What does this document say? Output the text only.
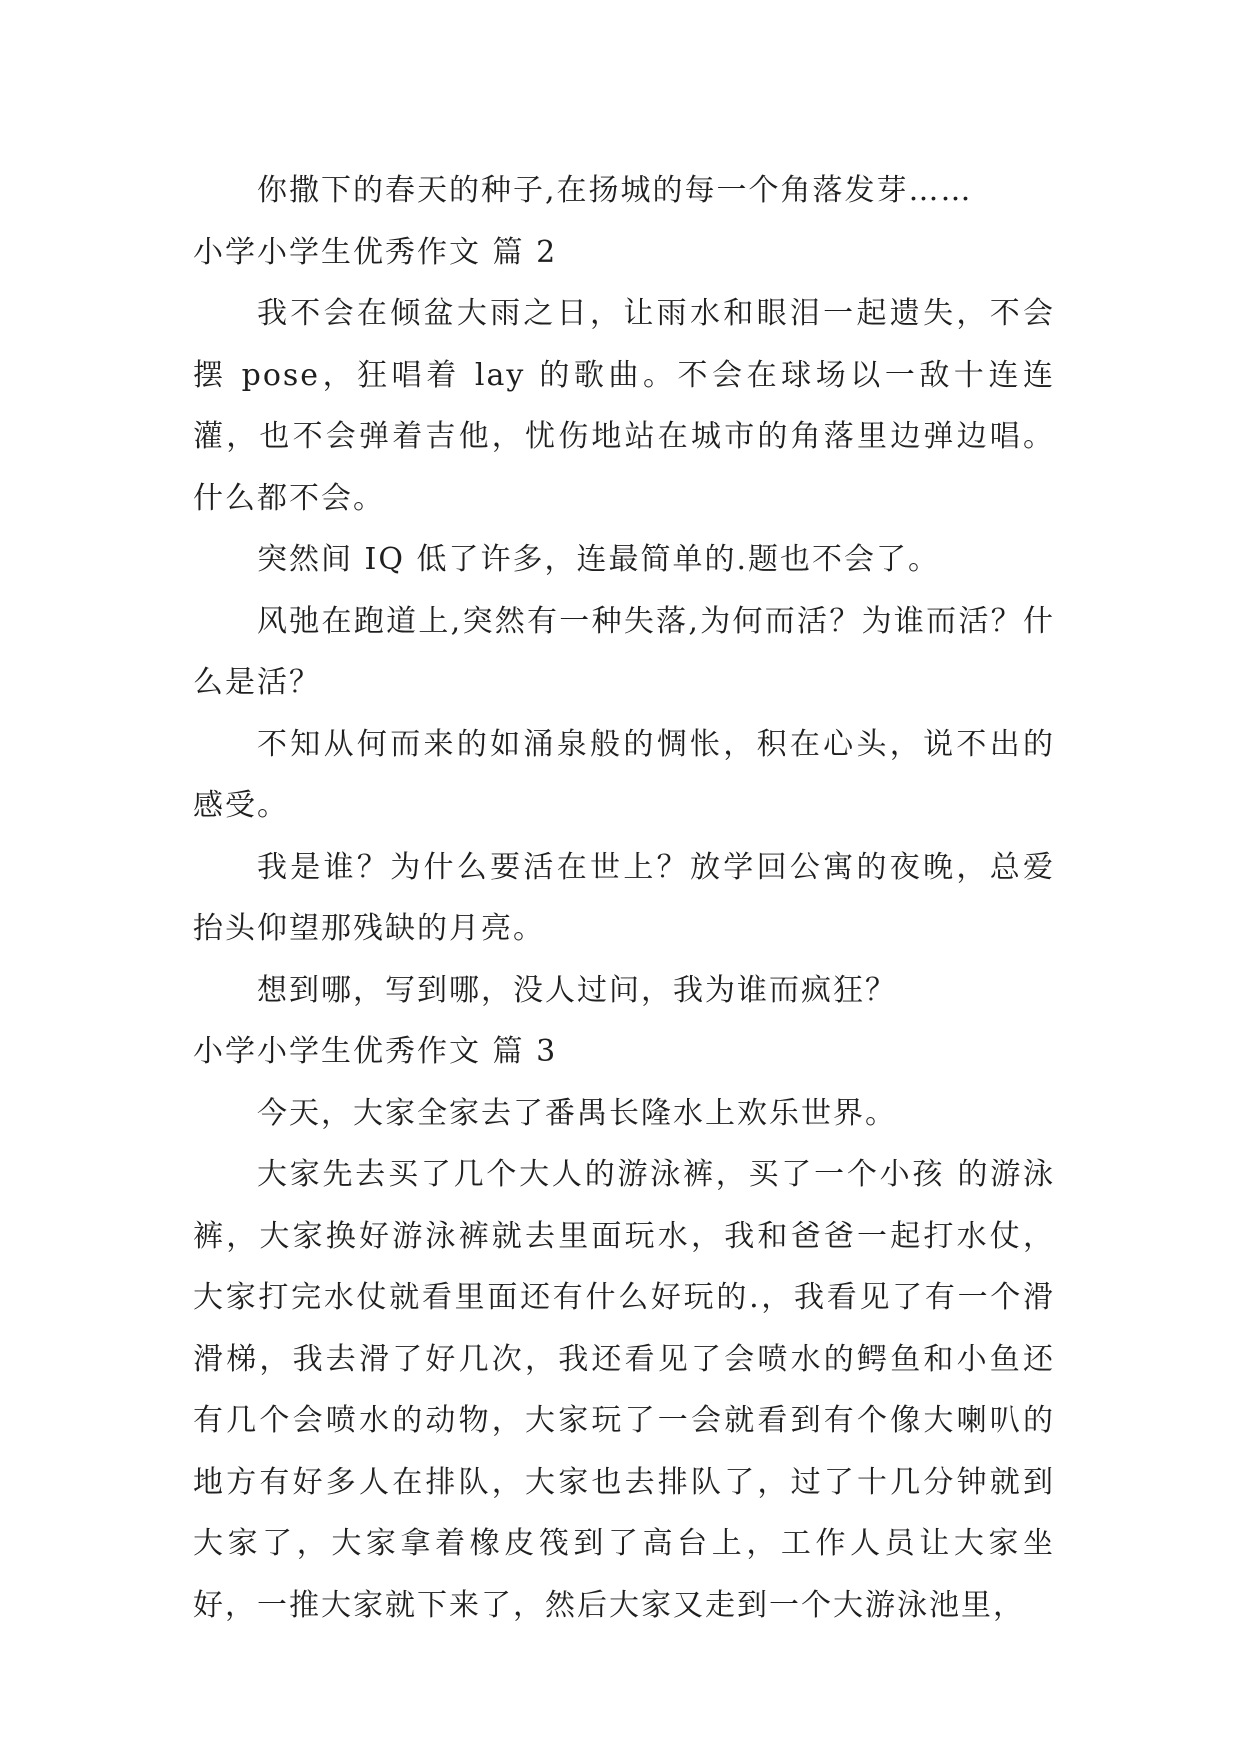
你撒下的春天的种子,在扬城的每一个角落发芽……

小学小学生优秀作文 篇 2

我不会在倾盆大雨之日，让雨水和眼泪一起遗失，不会摆 pose，狂唱着 lay 的歌曲。不会在球场以一敌十连连灌，也不会弹着吉他，忧伤地站在城市的角落里边弹边唱。什么都不会。

突然间 IQ 低了许多，连最简单的.题也不会了。

风弛在跑道上,突然有一种失落,为何而活？为谁而活？什么是活？

不知从何而来的如涌泉般的惆怅，积在心头，说不出的感受。

我是谁？为什么要活在世上？放学回公寓的夜晚，总爱抬头仰望那残缺的月亮。

想到哪，写到哪，没人过问，我为谁而疯狂？

小学小学生优秀作文 篇 3

今天，大家全家去了番禺长隆水上欢乐世界。

大家先去买了几个大人的游泳裤，买了一个小孩 的游泳裤，大家换好游泳裤就去里面玩水，我和爸爸一起打水仗，大家打完水仗就看里面还有什么好玩的.，我看见了有一个滑滑梯，我去滑了好几次，我还看见了会喷水的鳄鱼和小鱼还有几个会喷水的动物，大家玩了一会就看到有个像大喇叭的地方有好多人在排队，大家也去排队了，过了十几分钟就到大家了，大家拿着橡皮筏到了高台上，工作人员让大家坐好，一推大家就下来了，然后大家又走到一个大游泳池里，
